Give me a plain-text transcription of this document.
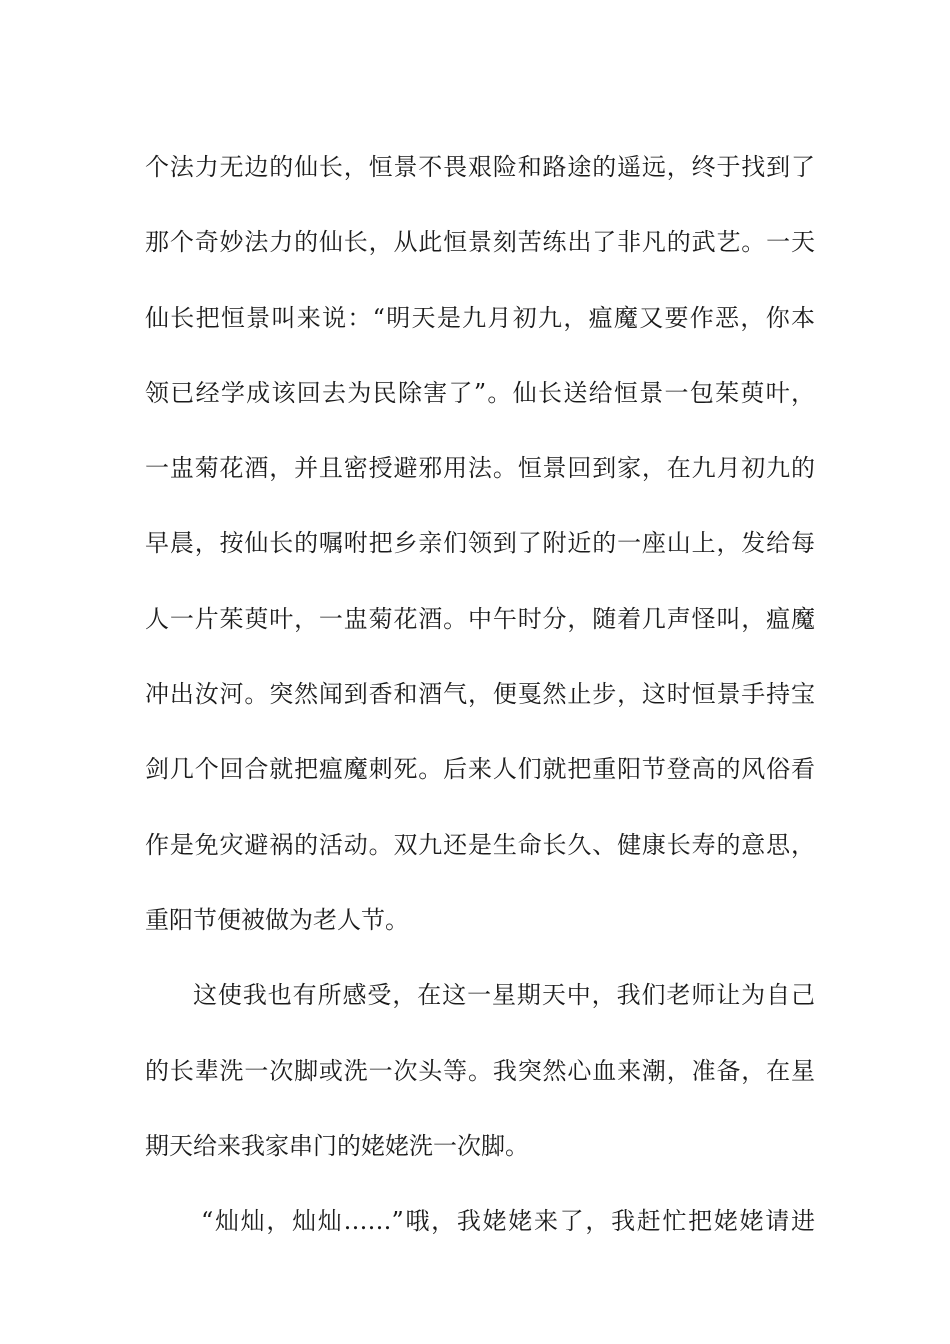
个法力无边的仙长，恒景不畏艰险和路途的遥远，终于找到了
那个奇妙法力的仙长，从此恒景刻苦练出了非凡的武艺。一天
仙长把恒景叫来说：“明天是九月初九，瘟魔又要作恶，你本
领已经学成该回去为民除害了”。仙长送给恒景一包茱萸叶，
一盅菊花酒，并且密授避邪用法。恒景回到家，在九月初九的
早晨，按仙长的嘱咐把乡亲们领到了附近的一座山上，发给每
人一片茱萸叶，一盅菊花酒。中午时分，随着几声怪叫，瘟魔
冲出汝河。突然闻到香和酒气，便戛然止步，这时恒景手持宝
剑几个回合就把瘟魔刺死。后来人们就把重阳节登高的风俗看
作是免灾避祸的活动。双九还是生命长久、健康长寿的意思，
重阳节便被做为老人节。
这使我也有所感受，在这一星期天中，我们老师让为自己
的长辈洗一次脚或洗一次头等。我突然心血来潮，准备，在星
期天给来我家串门的姥姥洗一次脚。
“灿灿，灿灿……”哦，我姥姥来了，我赶忙把姥姥请进
